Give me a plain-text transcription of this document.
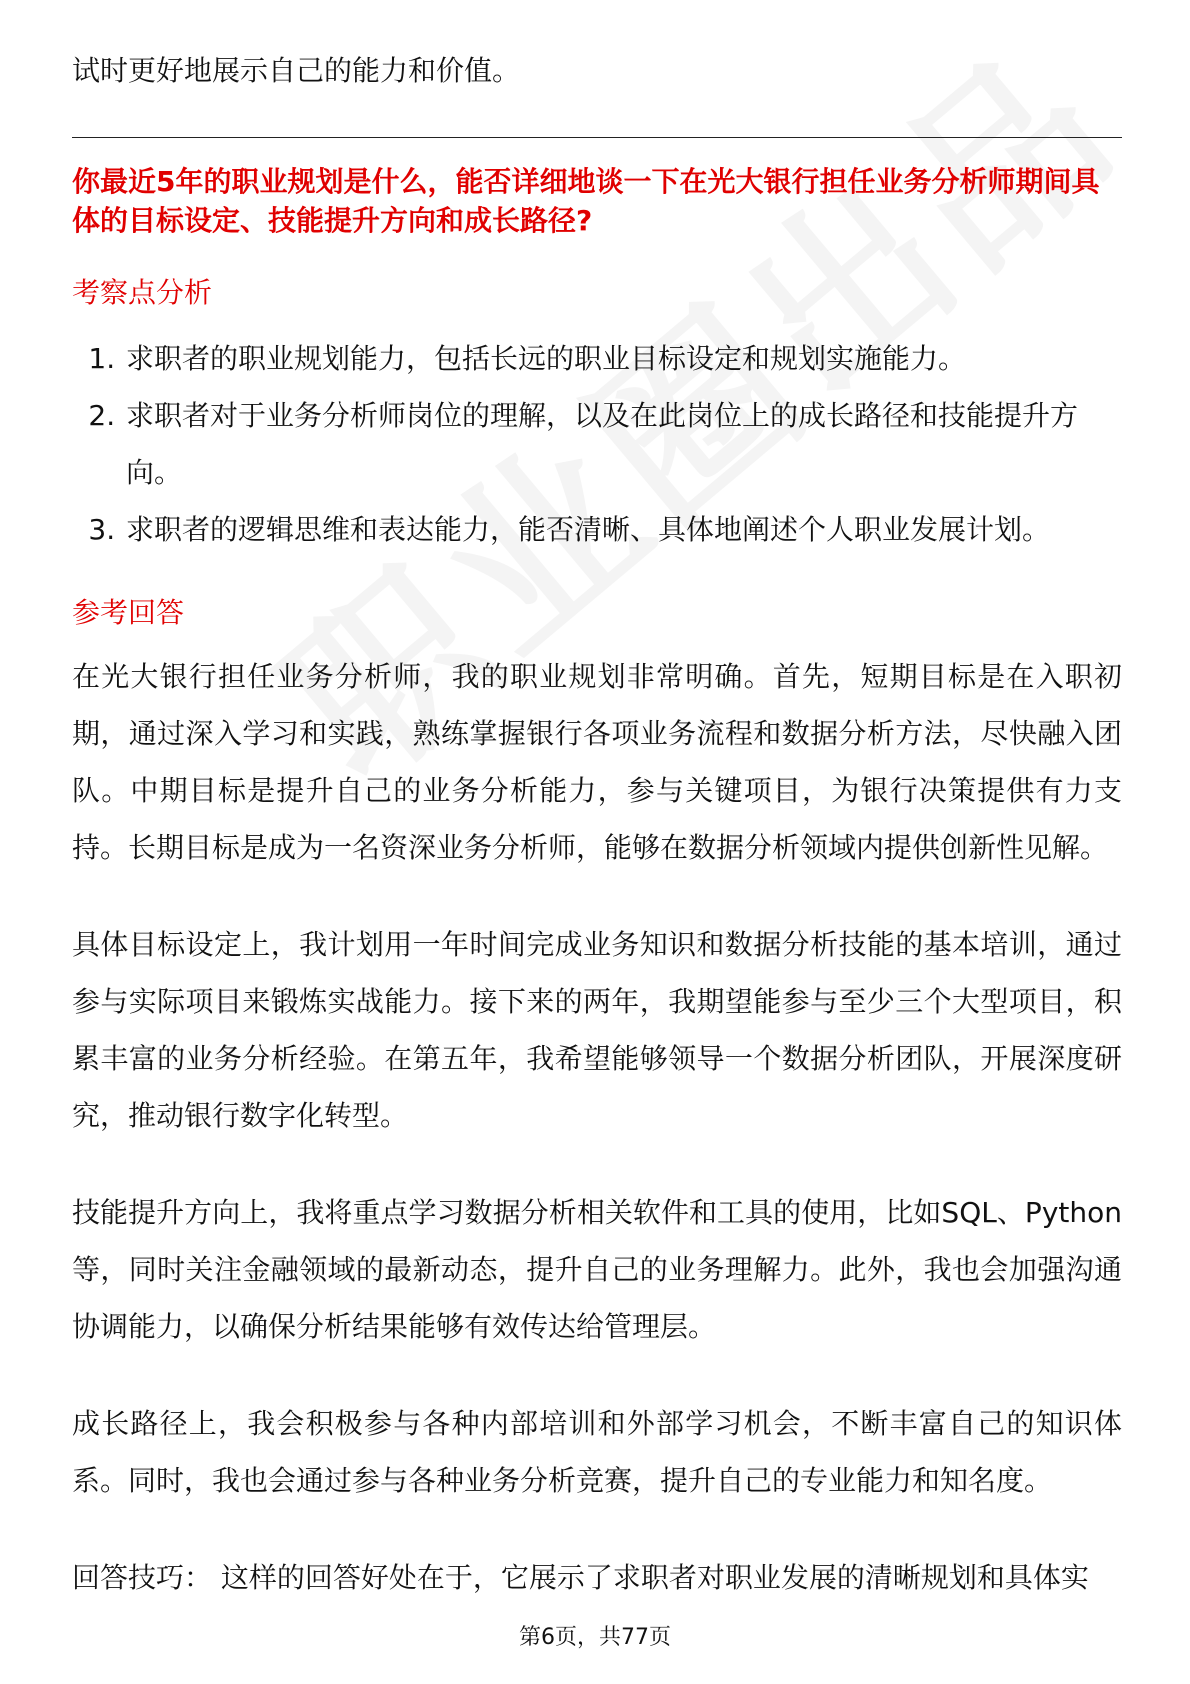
试时更好地展示自己的能力和价值。

你最近5年的职业规划是什么，能否详细地谈一下在光大银行担任业务分析师期间具体的目标设定、技能提升方向和成长路径?

考察点分析
1. 求职者的职业规划能力，包括长远的职业目标设定和规划实施能力。
2. 求职者对于业务分析师岗位的理解，以及在此岗位上的成长路径和技能提升方向。
3. 求职者的逻辑思维和表达能力，能否清晰、具体地阐述个人职业发展计划。
参考回答

在光大银行担任业务分析师，我的职业规划非常明确。首先，短期目标是在入职初期，通过深入学习和实践，熟练掌握银行各项业务流程和数据分析方法，尽快融入团队。中期目标是提升自己的业务分析能力，参与关键项目，为银行决策提供有力支持。长期目标是成为一名资深业务分析师，能够在数据分析领域内提供创新性见解。

具体目标设定上，我计划用一年时间完成业务知识和数据分析技能的基本培训，通过参与实际项目来锻炼实战能力。接下来的两年，我期望能参与至少三个大型项目，积累丰富的业务分析经验。在第五年，我希望能够领导一个数据分析团队，开展深度研究，推动银行数字化转型。

技能提升方向上，我将重点学习数据分析相关软件和工具的使用，比如SQL、Python等，同时关注金融领域的最新动态，提升自己的业务理解力。此外，我也会加强沟通协调能力，以确保分析结果能够有效传达给管理层。

成长路径上，我会积极参与各种内部培训和外部学习机会，不断丰富自己的知识体系。同时，我也会通过参与各种业务分析竞赛，提升自己的专业能力和知名度。

回答技巧： 这样的回答好处在于，它展示了求职者对职业发展的清晰规划和具体实

第6页，共77页
